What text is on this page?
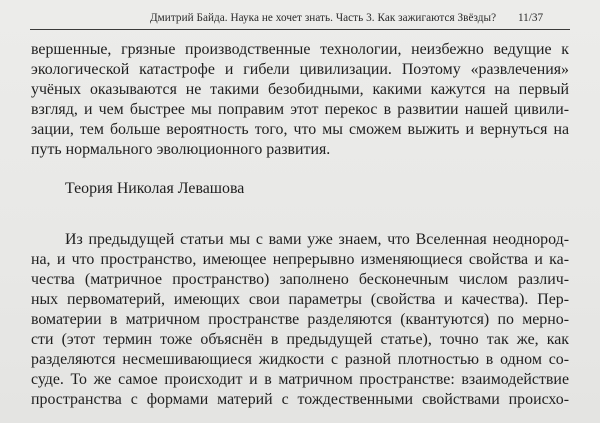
Дмитрий Байда. Наука не хочет знать. Часть 3. Как зажигаются Звёзды? 11/37
вершенные, грязные производственные технологии, неизбежно ведущие к
экологической катастрофе и гибели цивилизации. Поэтому «развлечения»
учёных оказываются не такими безобидными, какими кажутся на первый
взгляд, и чем быстрее мы поправим этот перекос в развитии нашей цивили-
зации, тем больше вероятность того, что мы сможем выжить и вернуться на
путь нормального эволюционного развития.
Теория Николая Левашова
Из предыдущей статьи мы с вами уже знаем, что Вселенная неоднород-
на, и что пространство, имеющее непрерывно изменяющиеся свойства и ка-
чества (матричное пространство) заполнено бесконечным числом различ-
ных первоматерий, имеющих свои параметры (свойства и качества). Пер-
воматерии в матричном пространстве разделяются (квантуются) по мерно-
сти (этот термин тоже объяснён в предыдущей статье), точно так же, как
разделяются несмешивающиеся жидкости с разной плотностью в одном со-
суде. То же самое происходит и в матричном пространстве: взаимодействие
пространства с формами материй с тождественными свойствами происхо-
